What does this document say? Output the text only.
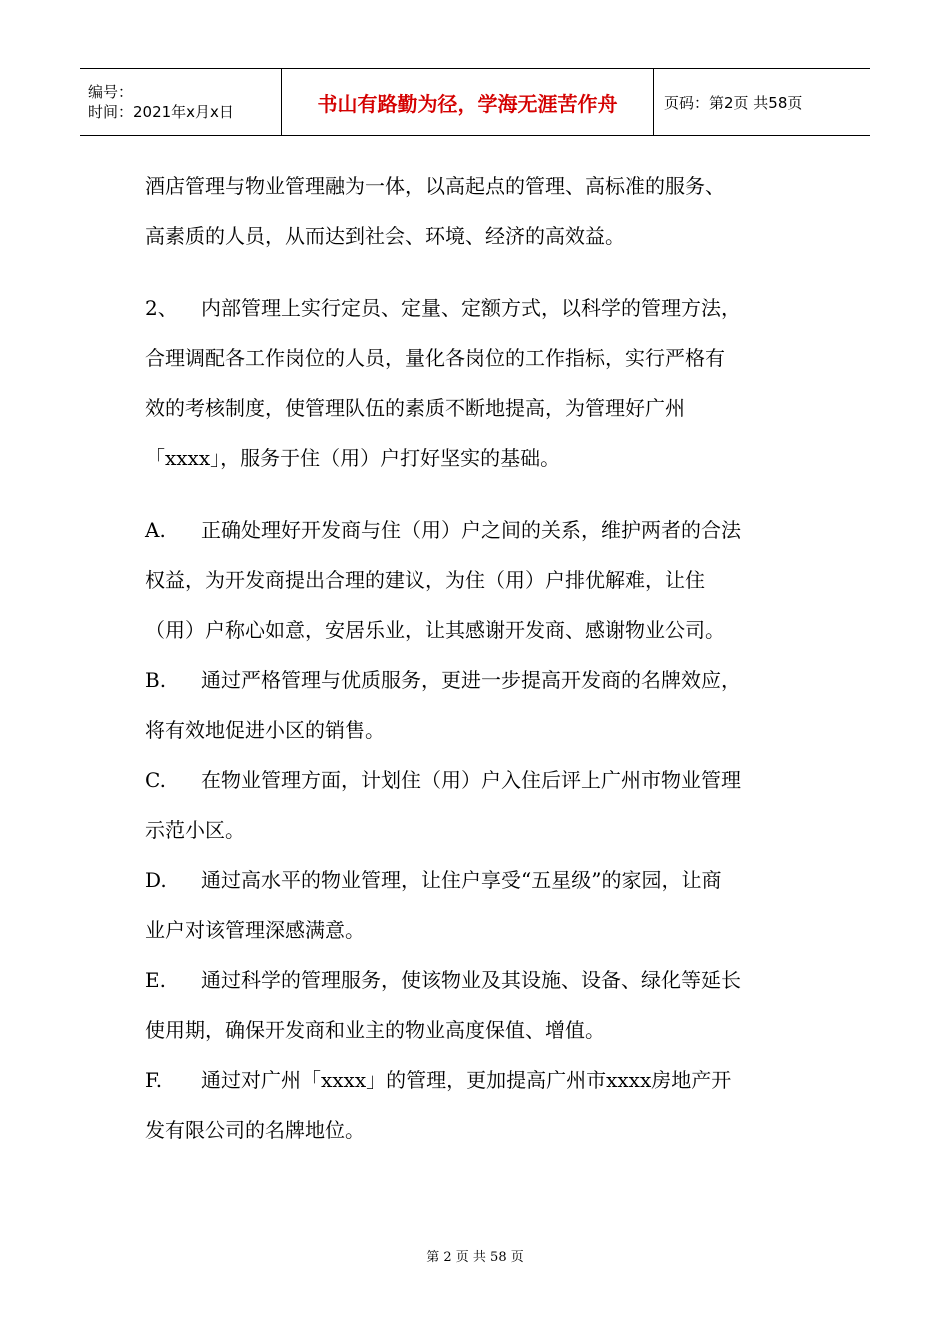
编号：
时间：2021年x月x日	书山有路勤为径，学海无涯苦作舟	页码：第2页 共58页
酒店管理与物业管理融为一体，以高起点的管理、高标准的服务、
高素质的人员，从而达到社会、环境、经济的高效益。
2、 内部管理上实行定员、定量、定额方式，以科学的管理方法，
合理调配各工作岗位的人员，量化各岗位的工作指标，实行严格有
效的考核制度，使管理队伍的素质不断地提高，为管理好广州
「xxxx」，服务于住（用）户打好坚实的基础。
A. 正确处理好开发商与住（用）户之间的关系，维护两者的合法
权益，为开发商提出合理的建议，为住（用）户排优解难，让住
（用）户称心如意，安居乐业，让其感谢开发商、感谢物业公司。
B. 通过严格管理与优质服务，更进一步提高开发商的名牌效应，
将有效地促进小区的销售。
C. 在物业管理方面，计划住（用）户入住后评上广州市物业管理
示范小区。
D. 通过高水平的物业管理，让住户享受“五星级”的家园，让商
业户对该管理深感满意。
E. 通过科学的管理服务，使该物业及其设施、设备、绿化等延长
使用期，确保开发商和业主的物业高度保值、增值。
F. 通过对广州「xxxx」的管理，更加提高广州市xxxx房地产开
发有限公司的名牌地位。
第 2 页 共 58 页
